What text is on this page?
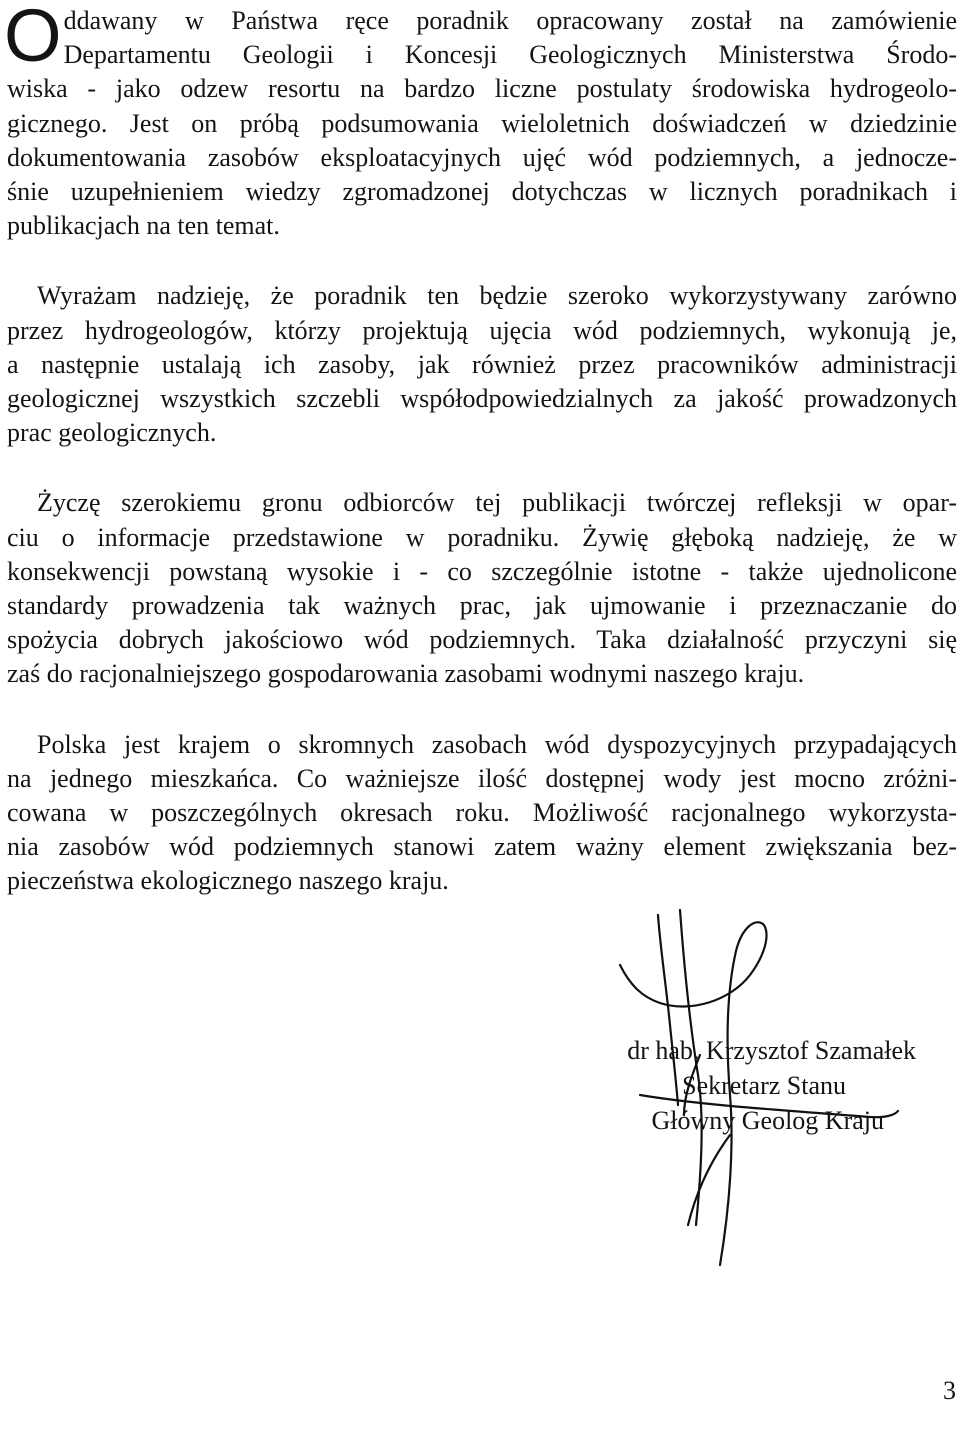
O ddawany w Państwa ręce poradnik opracowany został na zamówienie
Departamentu Geologii i Koncesji Geologicznych Ministerstwa Środo-
wiska - jako odzew resortu na bardzo liczne postulaty środowiska hydrogeolo-
gicznego. Jest on próbą podsumowania wieloletnich doświadczeń w dziedzinie
dokumentowania zasobów eksploatacyjnych ujęć wód podziemnych, a jednocze-
śnie uzupełnieniem wiedzy zgromadzonej dotychczas w licznych poradnikach i
publikacjach na ten temat.

Wyrażam nadzieję, że poradnik ten będzie szeroko wykorzystywany zarówno
przez hydrogeologów, którzy projektują ujęcia wód podziemnych, wykonują je,
a następnie ustalają ich zasoby, jak również przez pracowników administracji
geologicznej wszystkich szczebli współodpowiedzialnych za jakość prowadzonych
prac geologicznych.

Życzę szerokiemu gronu odbiorców tej publikacji twórczej refleksji w opar-
ciu o informacje przedstawione w poradniku. Żywię głęboką nadzieję, że w
konsekwencji powstaną wysokie i - co szczególnie istotne - także ujednolicone
standardy prowadzenia tak ważnych prac, jak ujmowanie i przeznaczanie do
spożycia dobrych jakościowo wód podziemnych. Taka działalność przyczyni się
zaś do racjonalniejszego gospodarowania zasobami wodnymi naszego kraju.

Polska jest krajem o skromnych zasobach wód dyspozycyjnych przypadających
na jednego mieszkańca. Co ważniejsze ilość dostępnej wody jest mocno zróżni-
cowana w poszczególnych okresach roku. Możliwość racjonalnego wykorzysta-
nia zasobów wód podziemnych stanowi zatem ważny element zwiększania bez-
pieczeństwa ekologicznego naszego kraju.

dr hab. Krzysztof Szamałek
Sekretarz Stanu
Główny Geolog Kraju
3
